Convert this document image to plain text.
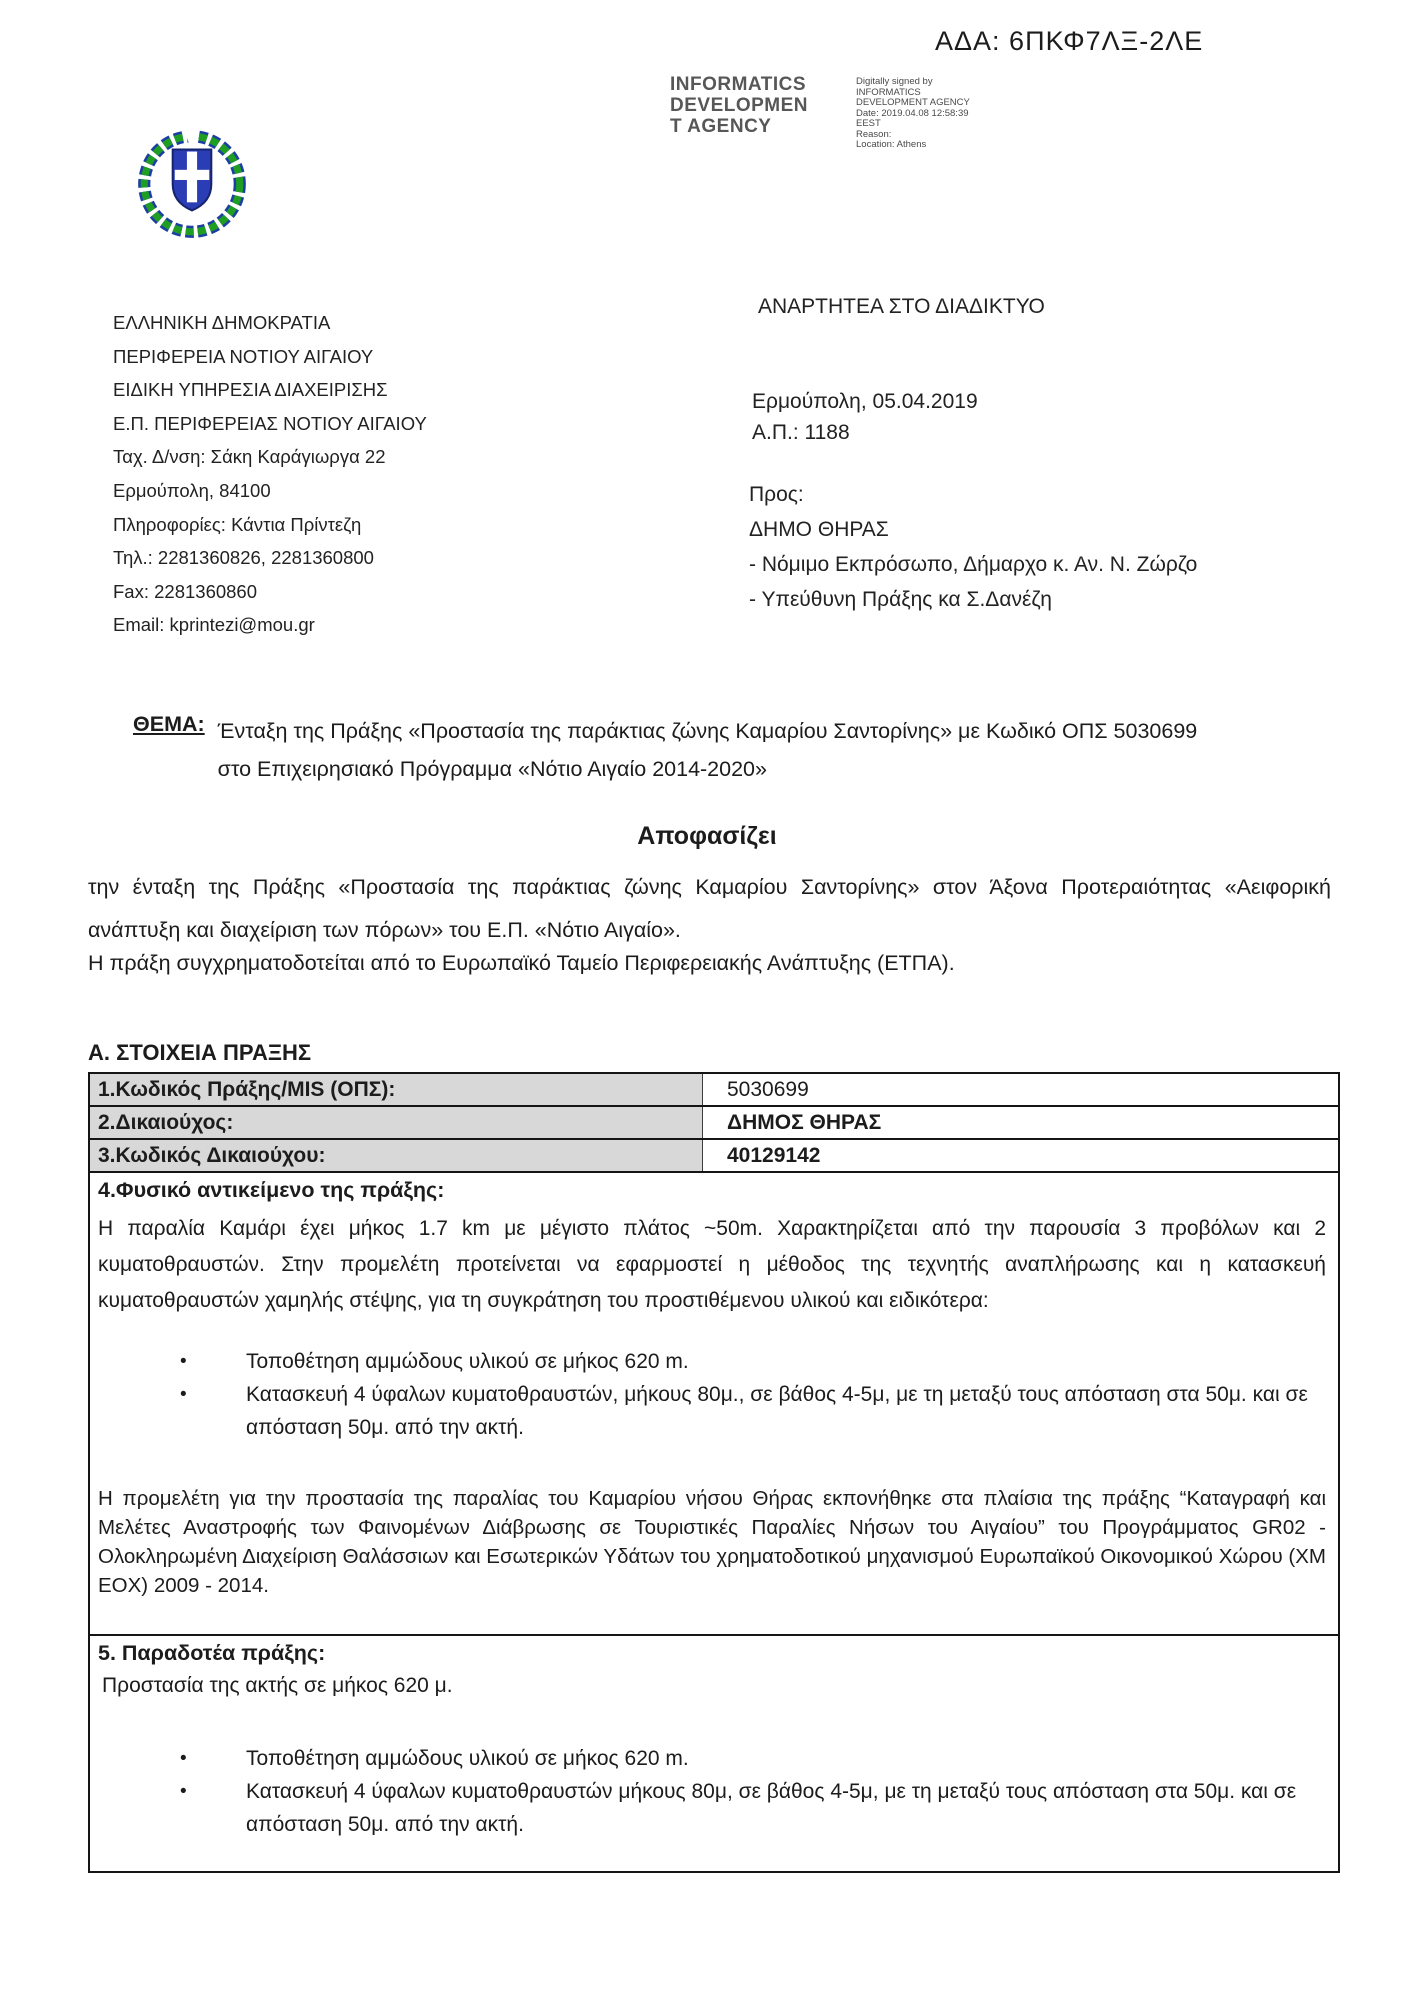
ΑΔΑ: 6ΠΚΦ7ΛΞ-2ΛΕ
INFORMATICS
DEVELOPMEN
T AGENCY
Digitally signed by
INFORMATICS
DEVELOPMENT AGENCY
Date: 2019.04.08 12:58:39
EEST
Reason:
Location: Athens
ΕΛΛΗΝΙΚΗ ΔΗΜΟΚΡΑΤΙΑ
ΠΕΡΙΦΕΡΕΙΑ ΝΟΤΙΟΥ ΑΙΓΑΙΟΥ
ΕΙΔΙΚΗ ΥΠΗΡΕΣΙΑ ΔΙΑΧΕΙΡΙΣΗΣ
Ε.Π. ΠΕΡΙΦΕΡΕΙΑΣ ΝΟΤΙΟΥ ΑΙΓΑΙΟΥ
Ταχ. Δ/νση: Σάκη Καράγιωργα 22
Ερμούπολη, 84100
Πληροφορίες: Κάντια Πρίντεζη
Τηλ.: 2281360826, 2281360800
Fax: 2281360860
Email: kprintezi@mou.gr
ΑΝΑΡΤΗΤΕΑ ΣΤΟ ΔΙΑΔΙΚΤΥΟ
Ερμούπολη, 05.04.2019
Α.Π.: 1188
Προς:
ΔΗΜΟ ΘΗΡΑΣ
- Νόμιμο Εκπρόσωπο, Δήμαρχο κ. Αν. Ν. Ζώρζο
- Υπεύθυνη Πράξης κα Σ.Δανέζη
ΘΕΜΑ: Ένταξη της Πράξης «Προστασία της παράκτιας ζώνης Καμαρίου Σαντορίνης» με Κωδικό ΟΠΣ 5030699
στο Επιχειρησιακό Πρόγραμμα «Νότιο Αιγαίο 2014-2020»
Αποφασίζει
την ένταξη της Πράξης «Προστασία της παράκτιας ζώνης Καμαρίου Σαντορίνης» στον Άξονα Προτεραιότητας «Αειφορική ανάπτυξη και διαχείριση των πόρων» του Ε.Π. «Νότιο Αιγαίο».
Η πράξη συγχρηματοδοτείται από το Ευρωπαϊκό Ταμείο Περιφερειακής Ανάπτυξης (ΕΤΠΑ).
Α. ΣΤΟΙΧΕΙΑ ΠΡΑΞΗΣ
1.Κωδικός Πράξης/MIS (ΟΠΣ):	5030699
2.Δικαιούχος:	ΔΗΜΟΣ ΘΗΡΑΣ
3.Κωδικός Δικαιούχου:	40129142
4.Φυσικό αντικείμενο της πράξης:
Η παραλία Καμάρι έχει μήκος 1.7 km με μέγιστο πλάτος ~50m. Χαρακτηρίζεται από την παρουσία 3 προβόλων και 2 κυματοθραυστών. Στην προμελέτη προτείνεται να εφαρμοστεί η μέθοδος της τεχνητής αναπλήρωσης και η κατασκευή κυματοθραυστών χαμηλής στέψης, για τη συγκράτηση του προστιθέμενου υλικού και ειδικότερα:
•	Τοποθέτηση αμμώδους υλικού σε μήκος 620 m.
•	Κατασκευή 4 ύφαλων κυματοθραυστών, μήκους 80μ., σε βάθος 4-5μ, με τη μεταξύ τους απόσταση στα 50μ. και σε απόσταση 50μ. από την ακτή.
Η προμελέτη για την προστασία της παραλίας του Καμαρίου νήσου Θήρας εκπονήθηκε στα πλαίσια της πράξης “Καταγραφή και Μελέτες Αναστροφής των Φαινομένων Διάβρωσης σε Τουριστικές Παραλίες Νήσων του Αιγαίου” του Προγράμματος GR02 - Ολοκληρωμένη Διαχείριση Θαλάσσιων και Εσωτερικών Υδάτων του χρηματοδοτικού μηχανισμού Ευρωπαϊκού Οικονομικού Χώρου (ΧΜ ΕΟΧ) 2009 - 2014.
5. Παραδοτέα πράξης:
Προστασία της ακτής σε μήκος 620 μ.
•	Τοποθέτηση αμμώδους υλικού σε μήκος 620 m.
•	Κατασκευή 4 ύφαλων κυματοθραυστών μήκους 80μ, σε βάθος 4-5μ, με τη μεταξύ τους απόσταση στα 50μ. και σε απόσταση 50μ. από την ακτή.
